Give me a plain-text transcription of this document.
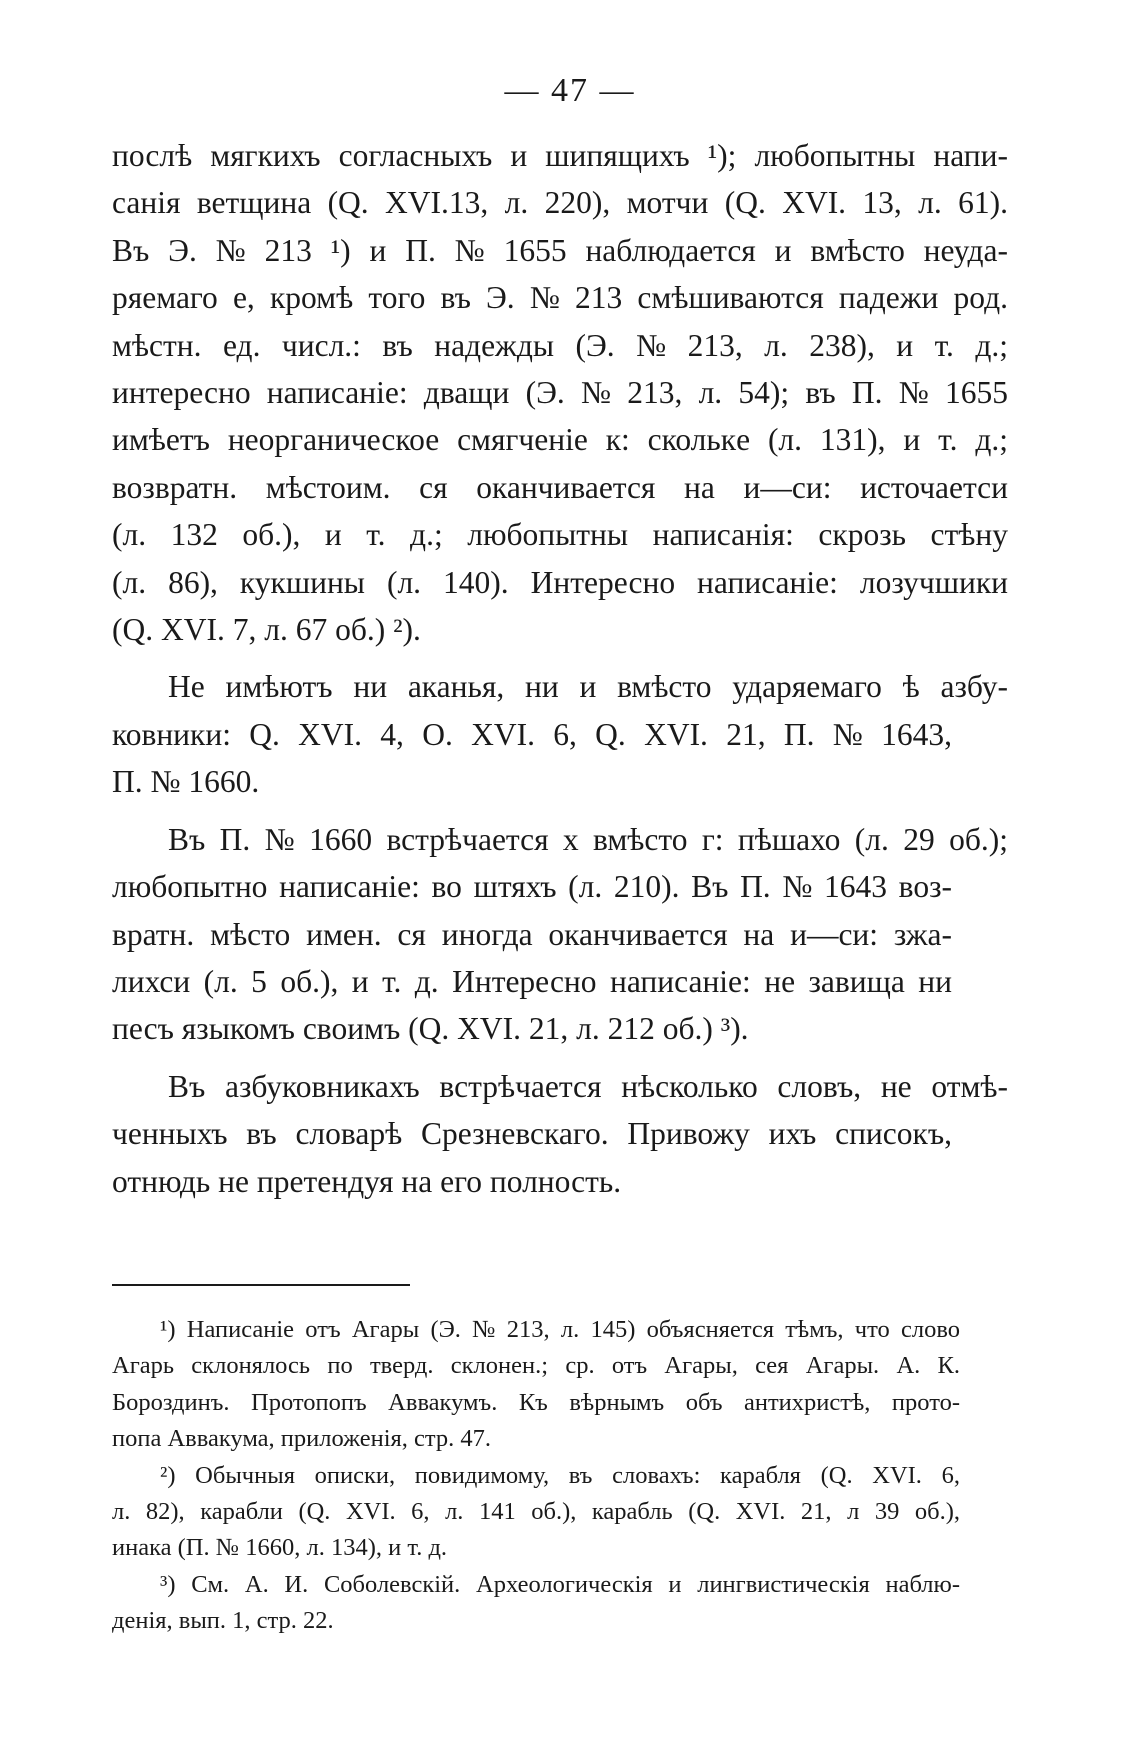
— 47 —

послѣ мягкихъ согласныхъ и шипящихъ ¹); любопытны напи-
санія ветщина (Q. XVI.13, л. 220), мотчи (Q. XVI. 13, л. 61).
Въ Э. № 213 ¹) и П. № 1655 наблюдается и вмѣсто неуда-
ряемаго е, кромѣ того въ Э. № 213 смѣшиваются падежи род.
мѣстн. ед. числ.: въ надежды (Э. № 213, л. 238), и т. д.;
интересно написаніе: дващи (Э. № 213, л. 54); въ П. № 1655
имѣетъ неорганическое смягченіе к: сколькe (л. 131), и т. д.;
возвратн. мѣстоим. ся оканчивается на и—си: источаетси
(л. 132 об.), и т. д.; любопытны написанія: скрозь стѣну
(л. 86), кукшины (л. 140). Интересно написаніе: лозучшики
(Q. XVI. 7, л. 67 об.) ²).

Не имѣютъ ни аканья, ни и вмѣсто ударяемаго ѣ азбу-
ковники: Q. XVI. 4, O. XVI. 6, Q. XVI. 21, П. № 1643,
П. № 1660.

Въ П. № 1660 встрѣчается х вмѣсто г: пѣшахо (л. 29 об.);
любопытно написаніе: во штяхъ (л. 210). Въ П. № 1643 воз-
вратн. мѣсто имен. ся иногда оканчивается на и—си: зжа-
лихси (л. 5 об.), и т. д. Интересно написаніе: не завища ни
песъ языкомъ своимъ (Q. XVI. 21, л. 212 об.) ³).

Въ азбуковникахъ встрѣчается нѣсколько словъ, не отмѣ-
ченныхъ въ словарѣ Срезневскаго. Привожу ихъ списокъ,
отнюдь не претендуя на его полность.

¹) Написаніе отъ Агары (Э. № 213, л. 145) объясняется тѣмъ, что слово
Агарь склонялось по тверд. склонен.; ср. отъ Агары, сея Агары. А. К.
Бороздинъ. Протопопъ Аввакумъ. Къ вѣрнымъ объ антихристѣ, прото-
попа Аввакума, приложенія, стр. 47.

²) Обычныя описки, повидимому, въ словахъ: карабля (Q. XVI. 6,
л. 82), карабли (Q. XVI. 6, л. 141 об.), карабль (Q. XVI. 21, л 39 об.),
инака (П. № 1660, л. 134), и т. д.

³) См. А. И. Соболевскій. Археологическія и лингвистическія наблю-
денія, вып. 1, стр. 22.
